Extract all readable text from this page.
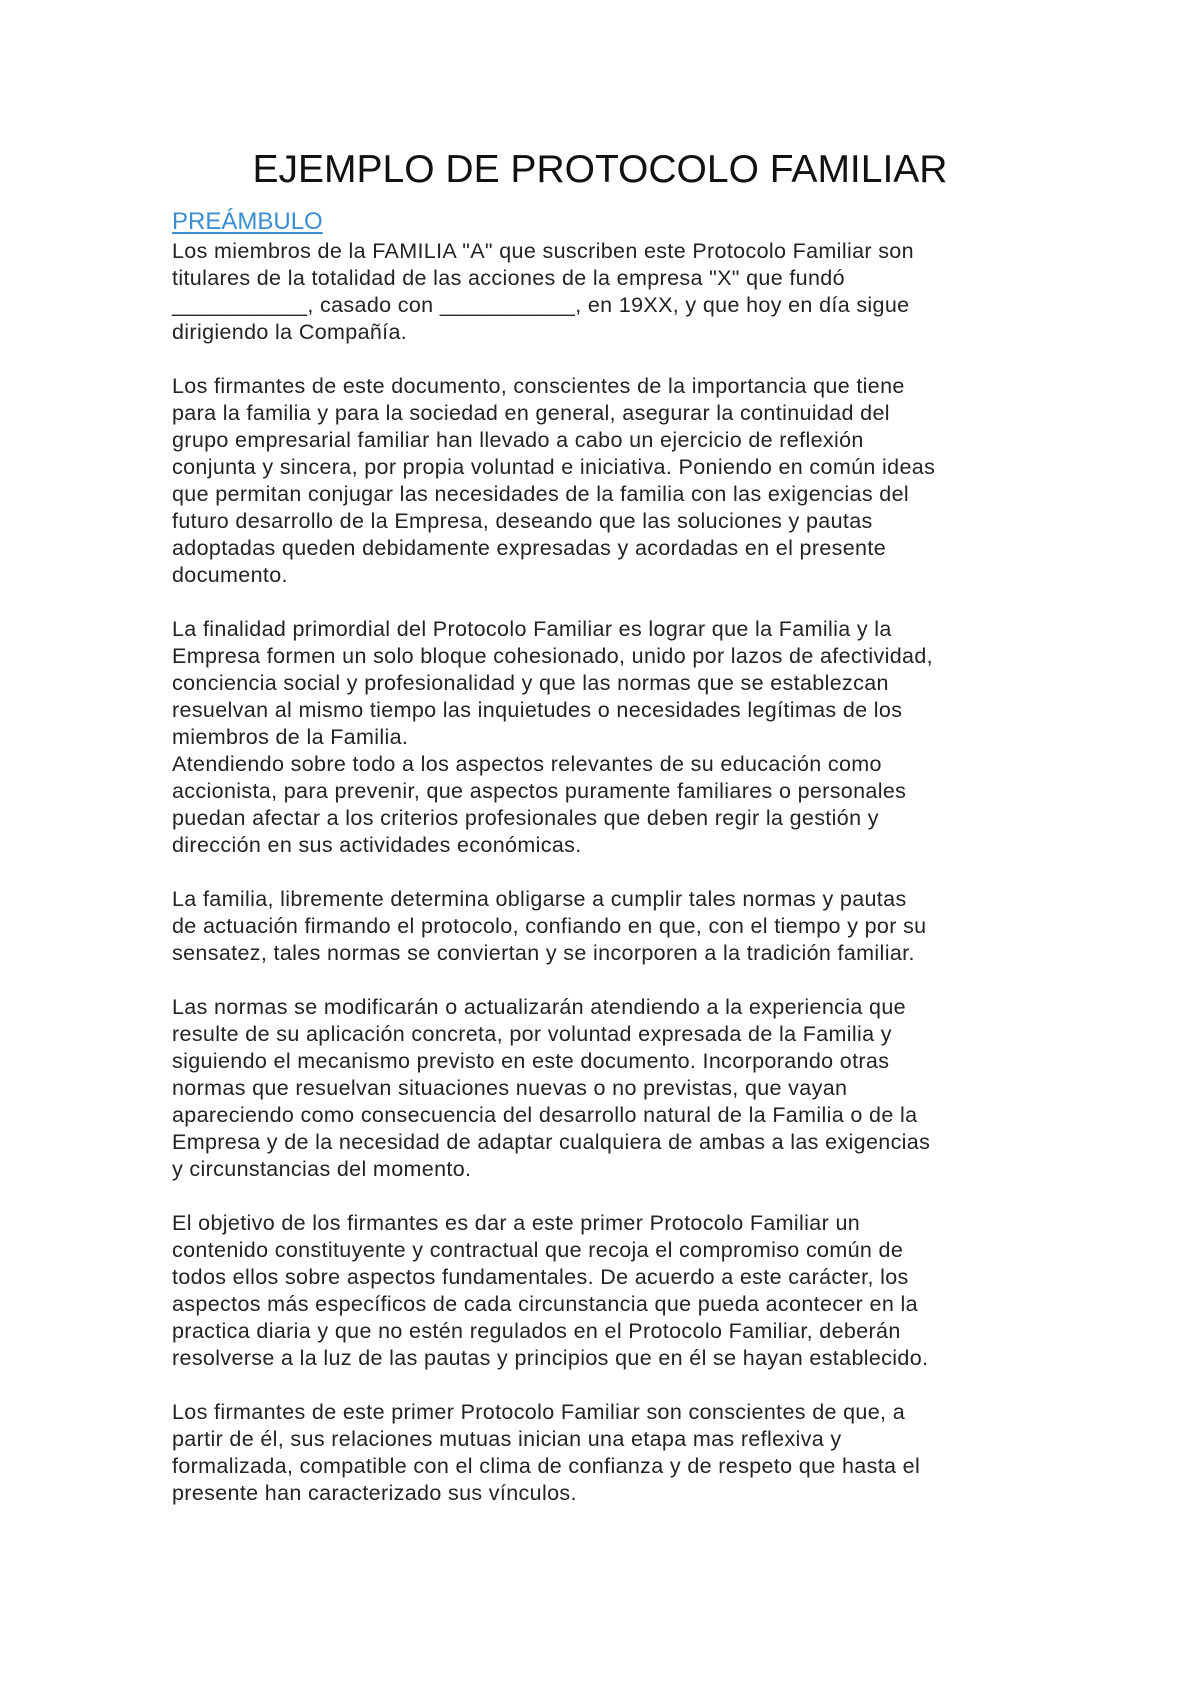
EJEMPLO DE PROTOCOLO FAMILIAR
PREÁMBULO

Los miembros de la FAMILIA "A" que suscriben este Protocolo Familiar son
titulares de la totalidad de las acciones de la empresa "X" que fundó
___________, casado con ___________, en 19XX, y que hoy en día sigue
dirigiendo la Compañía.

Los firmantes de este documento, conscientes de la importancia que tiene
para la familia y para la sociedad en general, asegurar la continuidad del
grupo empresarial familiar han llevado a cabo un ejercicio de reflexión
conjunta y sincera, por propia voluntad e iniciativa. Poniendo en común ideas
que permitan conjugar las necesidades de la familia con las exigencias del
futuro desarrollo de la Empresa, deseando que las soluciones y pautas
adoptadas queden debidamente expresadas y acordadas en el presente
documento.

La finalidad primordial del Protocolo Familiar es lograr que la Familia y la
Empresa formen un solo bloque cohesionado, unido por lazos de afectividad,
conciencia social y profesionalidad y que las normas que se establezcan
resuelvan al mismo tiempo las inquietudes o necesidades legítimas de los
miembros de la Familia.

Atendiendo sobre todo a los aspectos relevantes de su educación como
accionista, para prevenir, que aspectos puramente familiares o personales
puedan afectar a los criterios profesionales que deben regir la gestión y
dirección en sus actividades económicas.

La familia, libremente determina obligarse a cumplir tales normas y pautas
de actuación firmando el protocolo, confiando en que, con el tiempo y por su
sensatez, tales normas se conviertan y se incorporen a la tradición familiar.

Las normas se modificarán o actualizarán atendiendo a la experiencia que
resulte de su aplicación concreta, por voluntad expresada de la Familia y
siguiendo el mecanismo previsto en este documento. Incorporando otras
normas que resuelvan situaciones nuevas o no previstas, que vayan
apareciendo como consecuencia del desarrollo natural de la Familia o de la
Empresa y de la necesidad de adaptar cualquiera de ambas a las exigencias
y circunstancias del momento.

El objetivo de los firmantes es dar a este primer Protocolo Familiar un
contenido constituyente y contractual que recoja el compromiso común de
todos ellos sobre aspectos fundamentales. De acuerdo a este carácter, los
aspectos más específicos de cada circunstancia que pueda acontecer en la
practica diaria y que no estén regulados en el Protocolo Familiar, deberán
resolverse a la luz de las pautas y principios que en él se hayan establecido.

Los firmantes de este primer Protocolo Familiar son conscientes de que, a
partir de él, sus relaciones mutuas inician una etapa mas reflexiva y
formalizada, compatible con el clima de confianza y de respeto que hasta el
presente han caracterizado sus vínculos.
